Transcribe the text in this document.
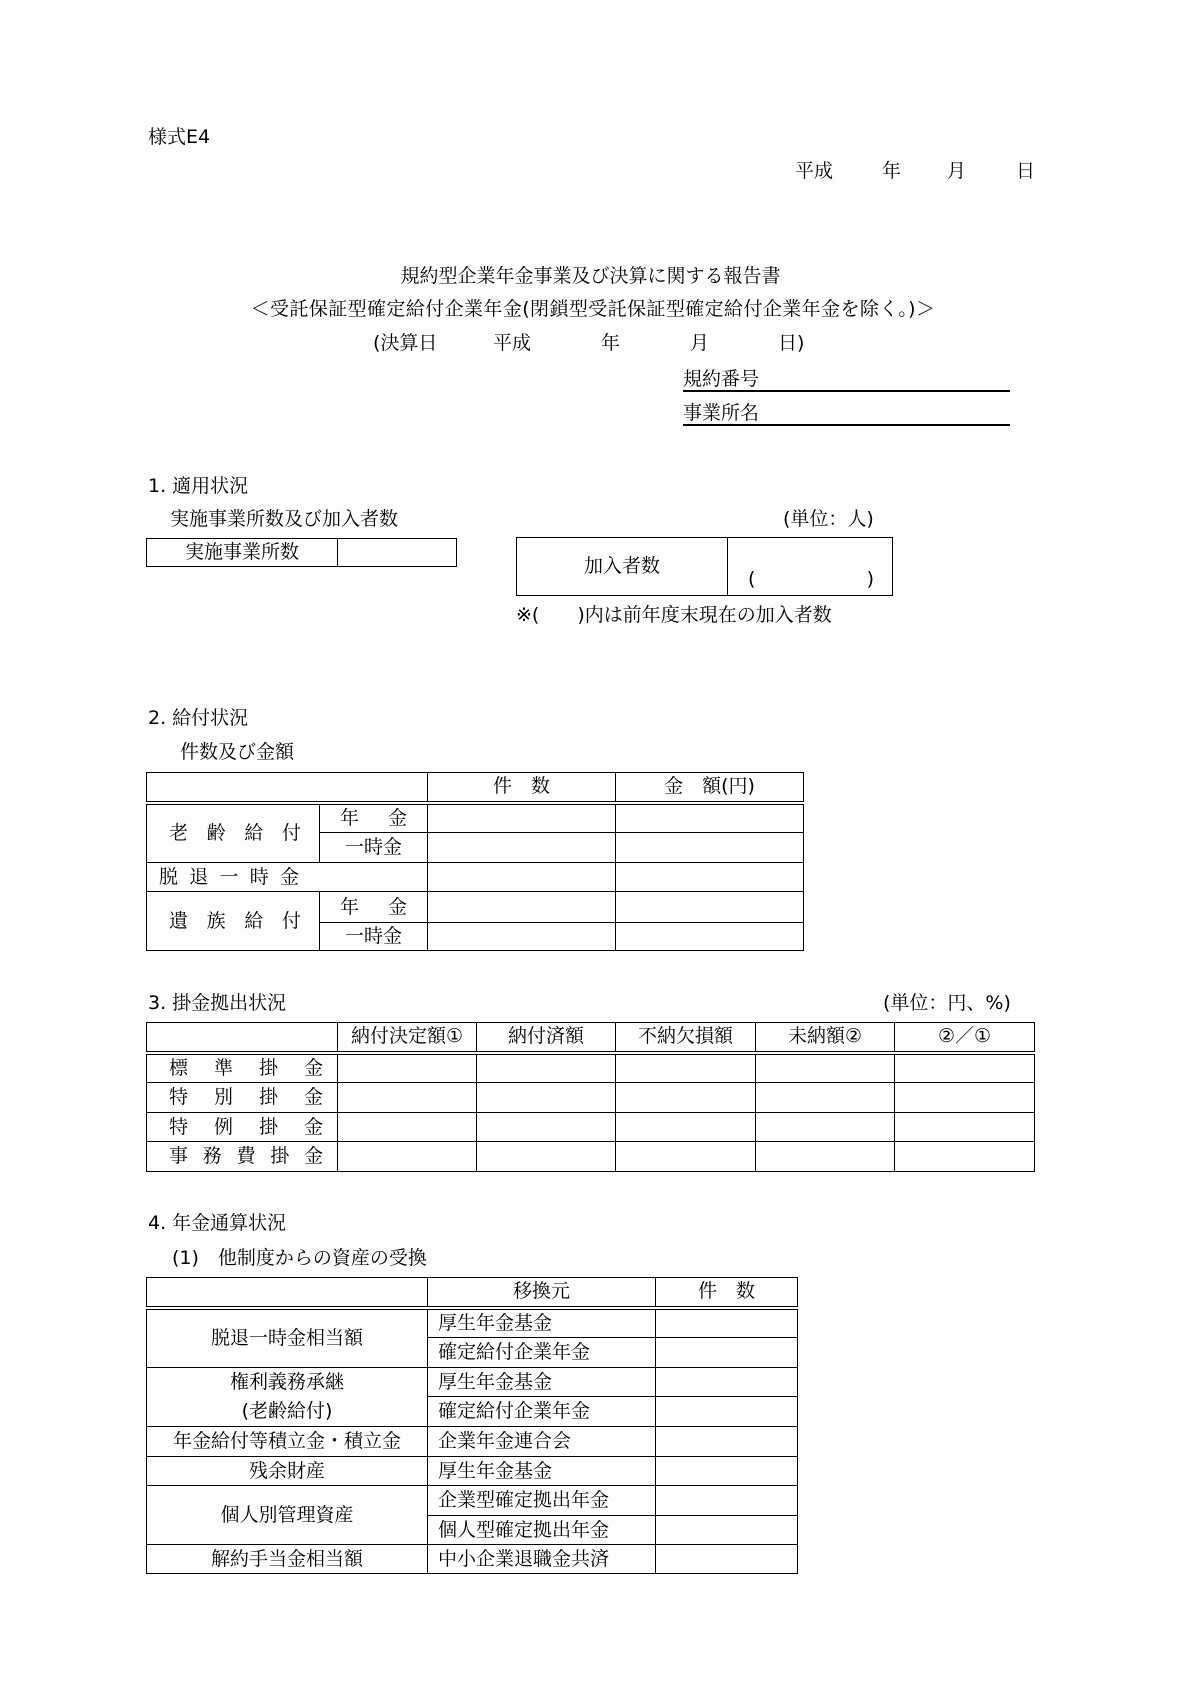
様式E4
平成	年 月	日
規約型企業年金事業及び決算に関する報告書
＜受託保証型確定給付企業年金(閉鎖型受託保証型確定給付企業年金を除く。)＞
(決算日	平成	年	月	日)
規約番号
事業所名
1. 適用状況
実施事業所数及び加入者数	(単位：人)
実施事業所数	
加入者数	
(	)
※(　　)内は前年度末現在の加入者数
2. 給付状況
件数及び金額
		件　数	金　額(円)

老 齢 給 付	年 金		

	一時金		

脱 退 一 時 金			

遺 族 給 付	年 金		

	一時金		
3. 掛金拠出状況	(単位：円、%)
	納付決定額①	納付済額	不納欠損額	未納額②	②／①

標 準 掛 金					

特 別 掛 金					

特 例 掛 金					

事 務 費 掛 金					

4. 年金通算状況
(1)　他制度からの資産の受換
	移換元	件　数
脱退一時金相当額	厚生年金基金	
	確定給付企業年金	

権利義務承継
(老齢給付)	厚生年金基金	
	確定給付企業年金	
年金給付等積立金・積立金	企業年金連合会	
残余財産	厚生年金基金	
個人別管理資産	企業型確定拠出年金	
	個人型確定拠出年金	
解約手当金相当額	中小企業退職金共済	
